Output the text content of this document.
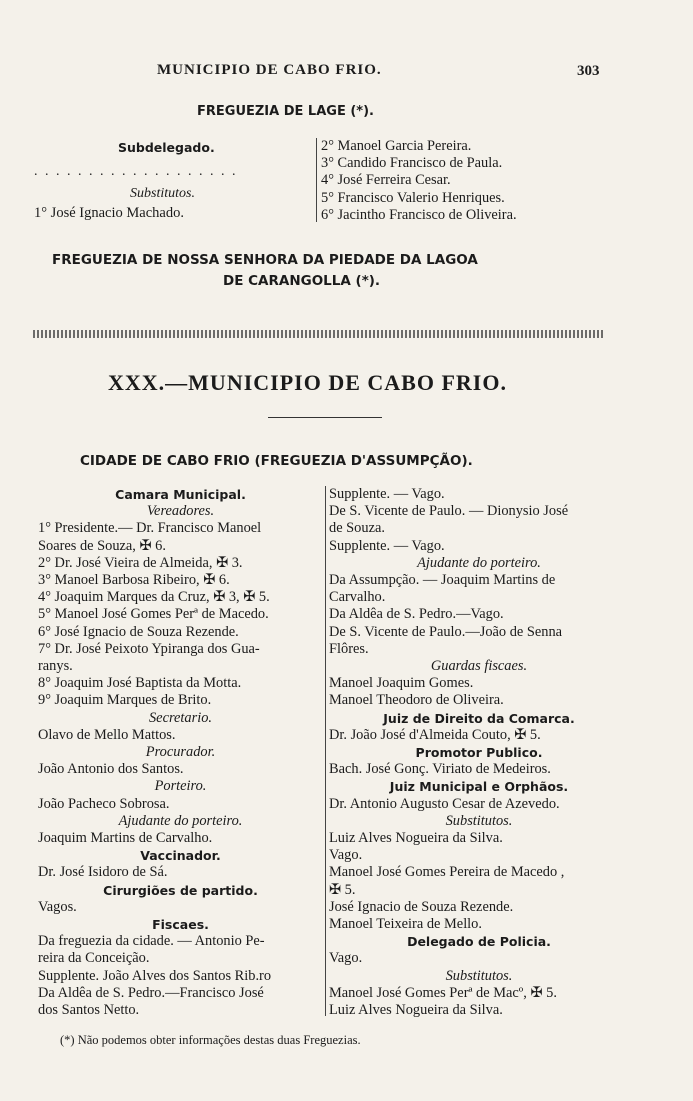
MUNICIPIO DE CABO FRIO.	303
FREGUEZIA DE LAGE (*).
Subdelegado.
. . . . . . . . . . . . . . . . . . .
Substitutos.
1° José Ignacio Machado.
2° Manoel Garcia Pereira.
3° Candido Francisco de Paula.
4° José Ferreira Cesar.
5° Francisco Valerio Henriques.
6° Jacintho Francisco de Oliveira.
FREGUEZIA DE NOSSA SENHORA DA PIEDADE DA LAGOA
DE CARANGOLLA (*).
XXX.—MUNICIPIO DE CABO FRIO.
CIDADE DE CABO FRIO (FREGUEZIA D'ASSUMPÇÃO).
Camara Municipal.
Vereadores.
1° Presidente.— Dr. Francisco Manoel
Soares de Souza, ✠ 6.
2° Dr. José Vieira de Almeida, ✠ 3.
3° Manoel Barbosa Ribeiro, ✠ 6.
4° Joaquim Marques da Cruz, ✠ 3, ✠ 5.
5° Manoel José Gomes Perª de Macedo.
6° José Ignacio de Souza Rezende.
7° Dr. José Peixoto Ypiranga dos Gua-
ranys.
8° Joaquim José Baptista da Motta.
9° Joaquim Marques de Brito.
Secretario.
Olavo de Mello Mattos.
Procurador.
João Antonio dos Santos.
Porteiro.
João Pacheco Sobrosa.
Ajudante do porteiro.
Joaquim Martins de Carvalho.
Vaccinador.
Dr. José Isidoro de Sá.
Cirurgiões de partido.
Vagos.
Fiscaes.
Da freguezia da cidade. — Antonio Pe-
reira da Conceição.
Supplente. João Alves dos Santos Rib.ro
Da Aldêa de S. Pedro.—Francisco José
dos Santos Netto.
Supplente. — Vago.
De S. Vicente de Paulo. — Dionysio José
de Souza.
Supplente. — Vago.
Ajudante do porteiro.
Da Assumpção. — Joaquim Martins de
Carvalho.
Da Aldêa de S. Pedro.—Vago.
De S. Vicente de Paulo.—João de Senna
Flôres.
Guardas fiscaes.
Manoel Joaquim Gomes.
Manoel Theodoro de Oliveira.
Juiz de Direito da Comarca.
Dr. João José d'Almeida Couto, ✠ 5.
Promotor Publico.
Bach. José Gonç. Viriato de Medeiros.
Juiz Municipal e Orphãos.
Dr. Antonio Augusto Cesar de Azevedo.
Substitutos.
Luiz Alves Nogueira da Silva.
Vago.
Manoel José Gomes Pereira de Macedo ,
✠ 5.
José Ignacio de Souza Rezende.
Manoel Teixeira de Mello.
Delegado de Policia.
Vago.
Substitutos.
Manoel José Gomes Perª de Macº, ✠ 5.
Luiz Alves Nogueira da Silva.
(*) Não podemos obter informações destas duas Freguezias.
